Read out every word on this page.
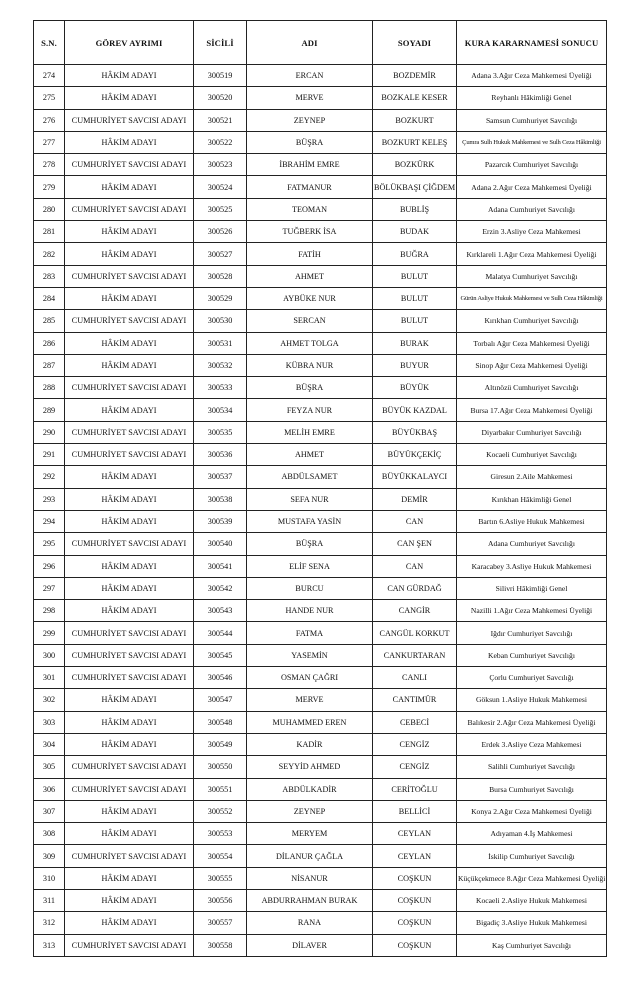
S.N.	GÖREV AYRIMI	SİCİLİ	ADI	SOYADI	KURA KARARNAMESİ SONUCU
274	HÂKİM ADAYI	300519	ERCAN	BOZDEMİR	Adana 3.Ağır Ceza Mahkemesi Üyeliği
275	HÂKİM ADAYI	300520	MERVE	BOZKALE KESER	Reyhanlı Hâkimliği Genel
276	CUMHURİYET SAVCISI ADAYI	300521	ZEYNEP	BOZKURT	Samsun Cumhuriyet Savcılığı
277	HÂKİM ADAYI	300522	BÜŞRA	BOZKURT KELEŞ	Çumra Sulh Hukuk Mahkemesi ve Sulh Ceza Hâkimliği
278	CUMHURİYET SAVCISI ADAYI	300523	İBRAHİM EMRE	BOZKÜRK	Pazarcık Cumhuriyet Savcılığı
279	HÂKİM ADAYI	300524	FATMANUR	BÖLÜKBAŞI ÇİĞDEM	Adana 2.Ağır Ceza Mahkemesi Üyeliği
280	CUMHURİYET SAVCISI ADAYI	300525	TEOMAN	BUBLİŞ	Adana Cumhuriyet Savcılığı
281	HÂKİM ADAYI	300526	TUĞBERK İSA	BUDAK	Erzin 3.Asliye Ceza Mahkemesi
282	HÂKİM ADAYI	300527	FATİH	BUĞRA	Kırklareli 1.Ağır Ceza Mahkemesi Üyeliği
283	CUMHURİYET SAVCISI ADAYI	300528	AHMET	BULUT	Malatya Cumhuriyet Savcılığı
284	HÂKİM ADAYI	300529	AYBÜKE NUR	BULUT	Gürün Asliye Hukuk Mahkemesi ve Sulh Ceza Hâkimliği
285	CUMHURİYET SAVCISI ADAYI	300530	SERCAN	BULUT	Kırıkhan Cumhuriyet Savcılığı
286	HÂKİM ADAYI	300531	AHMET TOLGA	BURAK	Torbalı Ağır Ceza Mahkemesi Üyeliği
287	HÂKİM ADAYI	300532	KÜBRA NUR	BUYUR	Sinop Ağır Ceza Mahkemesi Üyeliği
288	CUMHURİYET SAVCISI ADAYI	300533	BÜŞRA	BÜYÜK	Altınözü Cumhuriyet Savcılığı
289	HÂKİM ADAYI	300534	FEYZA NUR	BÜYÜK KAZDAL	Bursa 17.Ağır Ceza Mahkemesi Üyeliği
290	CUMHURİYET SAVCISI ADAYI	300535	MELİH EMRE	BÜYÜKBAŞ	Diyarbakır Cumhuriyet Savcılığı
291	CUMHURİYET SAVCISI ADAYI	300536	AHMET	BÜYÜKÇEKİÇ	Kocaeli Cumhuriyet Savcılığı
292	HÂKİM ADAYI	300537	ABDÜLSAMET	BÜYÜKKALAYCI	Giresun 2.Aile Mahkemesi
293	HÂKİM ADAYI	300538	SEFA NUR	DEMİR	Kırıkhan Hâkimliği Genel
294	HÂKİM ADAYI	300539	MUSTAFA YASİN	CAN	Bartın 6.Asliye Hukuk Mahkemesi
295	CUMHURİYET SAVCISI ADAYI	300540	BÜŞRA	CAN ŞEN	Adana Cumhuriyet Savcılığı
296	HÂKİM ADAYI	300541	ELİF SENA	CAN	Karacabey 3.Asliye Hukuk Mahkemesi
297	HÂKİM ADAYI	300542	BURCU	CAN GÜRDAĞ	Silivri Hâkimliği Genel
298	HÂKİM ADAYI	300543	HANDE NUR	CANGİR	Nazilli 1.Ağır Ceza Mahkemesi Üyeliği
299	CUMHURİYET SAVCISI ADAYI	300544	FATMA	CANGÜL KORKUT	Iğdır Cumhuriyet Savcılığı
300	CUMHURİYET SAVCISI ADAYI	300545	YASEMİN	CANKURTARAN	Keban Cumhuriyet Savcılığı
301	CUMHURİYET SAVCISI ADAYI	300546	OSMAN ÇAĞRI	CANLI	Çorlu Cumhuriyet Savcılığı
302	HÂKİM ADAYI	300547	MERVE	CANTIMÜR	Göksun 1.Asliye Hukuk Mahkemesi
303	HÂKİM ADAYI	300548	MUHAMMED EREN	CEBECİ	Balıkesir 2.Ağır Ceza Mahkemesi Üyeliği
304	HÂKİM ADAYI	300549	KADİR	CENGİZ	Erdek 3.Asliye Ceza Mahkemesi
305	CUMHURİYET SAVCISI ADAYI	300550	SEYYİD AHMED	CENGİZ	Salihli Cumhuriyet Savcılığı
306	CUMHURİYET SAVCISI ADAYI	300551	ABDÜLKADİR	CERİTOĞLU	Bursa Cumhuriyet Savcılığı
307	HÂKİM ADAYI	300552	ZEYNEP	BELLİCİ	Konya 2.Ağır Ceza Mahkemesi Üyeliği
308	HÂKİM ADAYI	300553	MERYEM	CEYLAN	Adıyaman 4.İş Mahkemesi
309	CUMHURİYET SAVCISI ADAYI	300554	DİLANUR ÇAĞLA	CEYLAN	İskilip Cumhuriyet Savcılığı
310	HÂKİM ADAYI	300555	NİSANUR	COŞKUN	Küçükçekmece 8.Ağır Ceza Mahkemesi Üyeliği
311	HÂKİM ADAYI	300556	ABDURRAHMAN BURAK	COŞKUN	Kocaeli 2.Asliye Hukuk Mahkemesi
312	HÂKİM ADAYI	300557	RANA	COŞKUN	Bigadiç 3.Asliye Hukuk Mahkemesi
313	CUMHURİYET SAVCISI ADAYI	300558	DİLAVER	COŞKUN	Kaş Cumhuriyet Savcılığı
